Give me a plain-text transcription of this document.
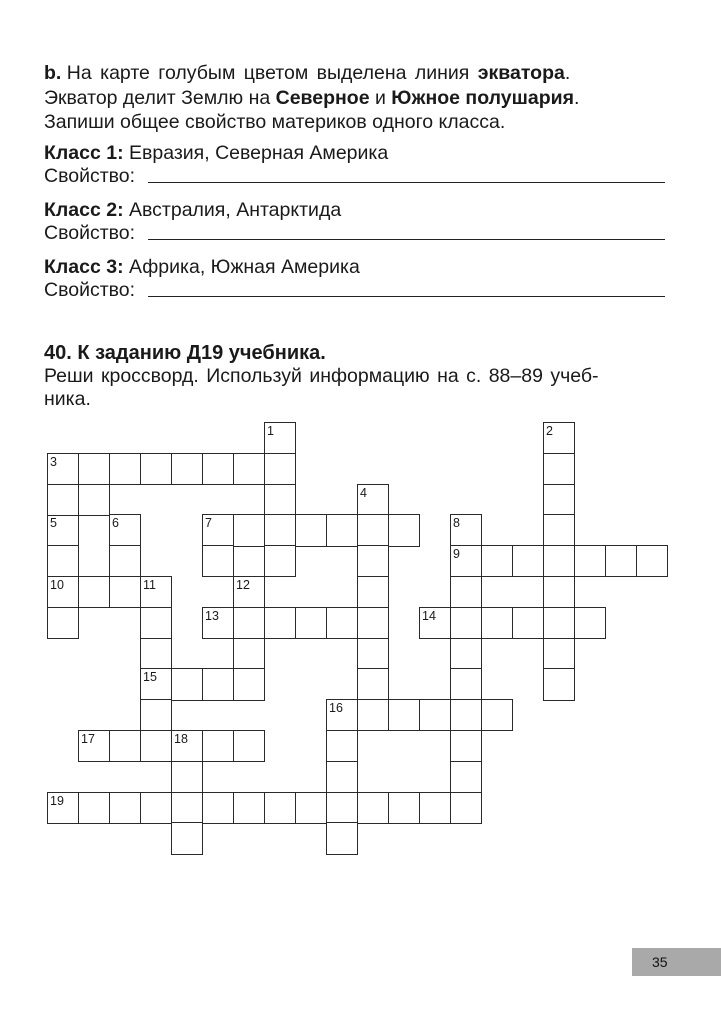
b. На карте голубым цветом выделена линия экватора.
Экватор делит Землю на Северное и Южное полушария.
Запиши общее свойство материков одного класса.
Класс 1: Евразия, Северная Америка
Свойство:
Класс 2: Австралия, Антарктида
Свойство:
Класс 3: Африка, Южная Америка
Свойство:
40. К заданию Д19 учебника.
Реши кроссворд. Используй информацию на с. 88–89 учеб-
ника.
1	2
3
4
5	6	7	8
9
10	11	12
13	14
15
16
17	18
19
35
